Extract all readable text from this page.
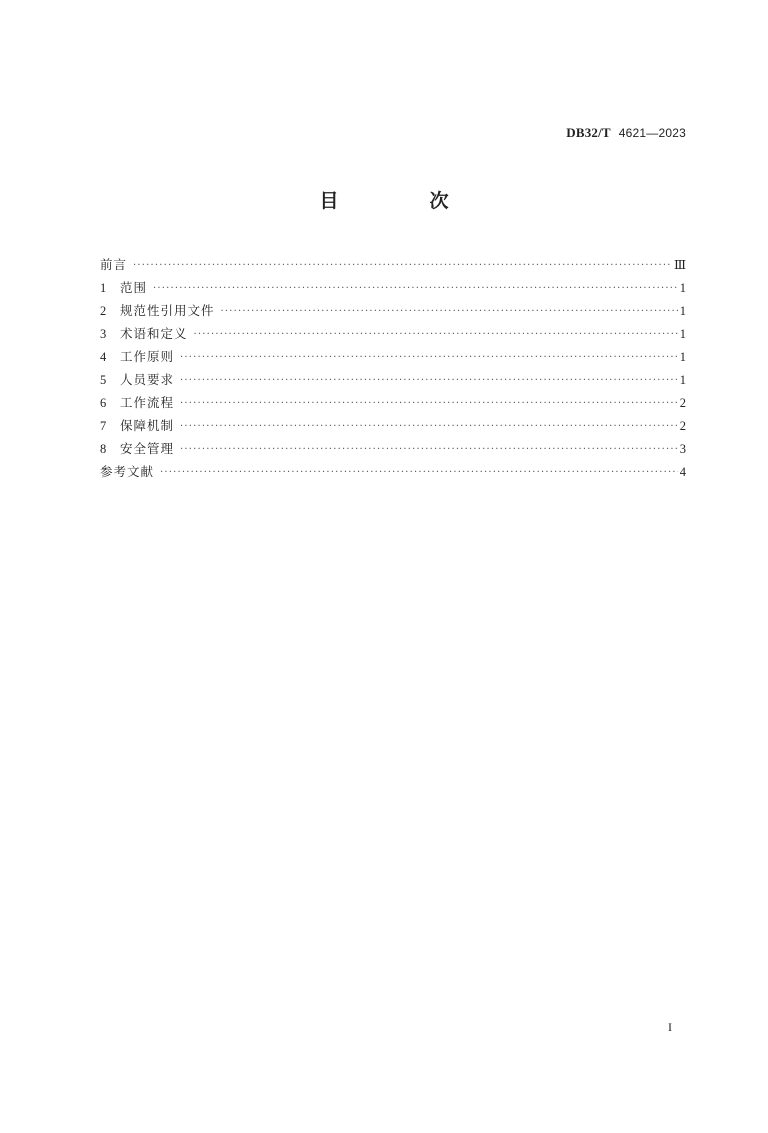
DB32/T 4621—2023
目　次
前言 ·····	Ⅲ
1	范围 ·····	1
2	规范性引用文件 ·····	1
3	术语和定义 ·····	1
4	工作原则 ·····	1
5	人员要求 ·····	1
6	工作流程 ·····	2
7	保障机制 ·····	2
8	安全管理 ·····	3
参考文献 ·····	4
I
